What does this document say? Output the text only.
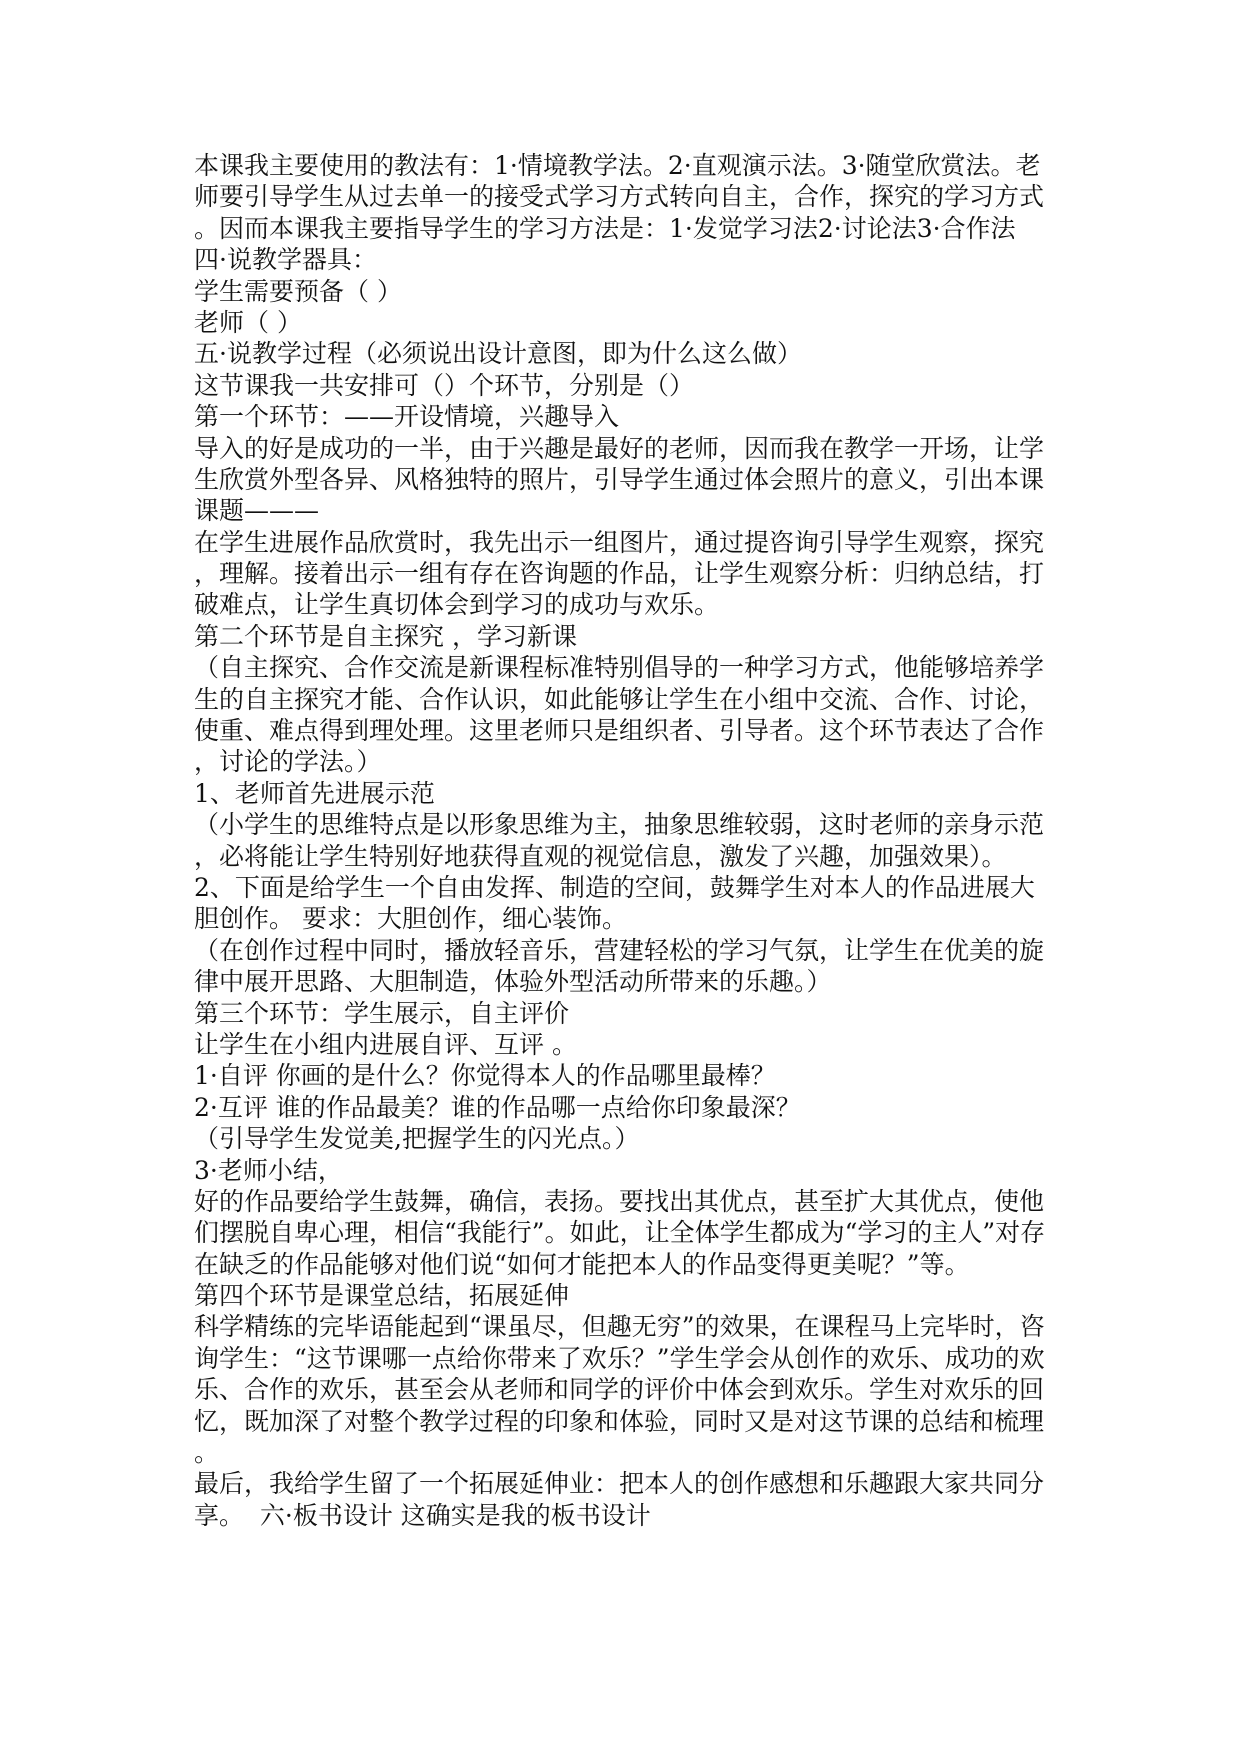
本课我主要使用的教法有：1·情境教学法。2·直观演示法。3·随堂欣赏法。老
师要引导学生从过去单一的接受式学习方式转向自主，合作，探究的学习方式
。因而本课我主要指导学生的学习方法是：1·发觉学习法2·讨论法3·合作法
四·说教学器具：
学生需要预备（ ）
老师（ ）
五·说教学过程（必须说出设计意图，即为什么这么做）
这节课我一共安排可（）个环节，分别是（）
第一个环节：——开设情境，兴趣导入
导入的好是成功的一半，由于兴趣是最好的老师，因而我在教学一开场，让学
生欣赏外型各异、风格独特的照片，引导学生通过体会照片的意义，引出本课
课题———
在学生进展作品欣赏时，我先出示一组图片，通过提咨询引导学生观察，探究
，理解。接着出示一组有存在咨询题的作品，让学生观察分析：归纳总结，打
破难点，让学生真切体会到学习的成功与欢乐。
第二个环节是自主探究 ，学习新课
（自主探究、合作交流是新课程标准特别倡导的一种学习方式，他能够培养学
生的自主探究才能、合作认识，如此能够让学生在小组中交流、合作、讨论，
使重、难点得到理处理。这里老师只是组织者、引导者。这个环节表达了合作
，讨论的学法。）
1、老师首先进展示范
（小学生的思维特点是以形象思维为主，抽象思维较弱，这时老师的亲身示范
，必将能让学生特别好地获得直观的视觉信息，激发了兴趣，加强效果）。
2、下面是给学生一个自由发挥、制造的空间，鼓舞学生对本人的作品进展大
胆创作。 要求：大胆创作，细心装饰。
（在创作过程中同时，播放轻音乐，营建轻松的学习气氛，让学生在优美的旋
律中展开思路、大胆制造，体验外型活动所带来的乐趣。）
第三个环节：学生展示，自主评价
让学生在小组内进展自评、互评 。
1·自评 你画的是什么？你觉得本人的作品哪里最棒？
2·互评 谁的作品最美？谁的作品哪一点给你印象最深？
（引导学生发觉美,把握学生的闪光点。）
3·老师小结，
好的作品要给学生鼓舞，确信，表扬。要找出其优点，甚至扩大其优点，使他
们摆脱自卑心理，相信“我能行”。如此，让全体学生都成为“学习的主人”对存
在缺乏的作品能够对他们说“如何才能把本人的作品变得更美呢？”等。
第四个环节是课堂总结，拓展延伸
科学精练的完毕语能起到“课虽尽，但趣无穷”的效果，在课程马上完毕时，咨
询学生：“这节课哪一点给你带来了欢乐？”学生学会从创作的欢乐、成功的欢
乐、合作的欢乐，甚至会从老师和同学的评价中体会到欢乐。学生对欢乐的回
忆，既加深了对整个教学过程的印象和体验，同时又是对这节课的总结和梳理
。
最后，我给学生留了一个拓展延伸业：把本人的创作感想和乐趣跟大家共同分
享。  六·板书设计 这确实是我的板书设计
